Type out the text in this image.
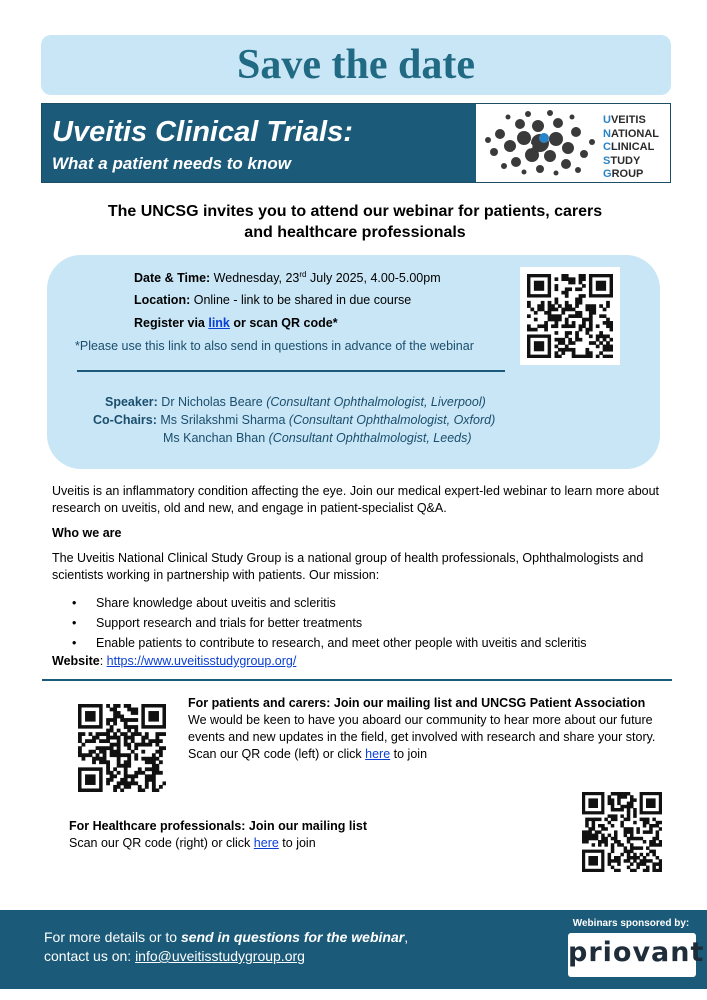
Save the date
Uveitis Clinical Trials:
What a patient needs to know
UVEITIS
NATIONAL
CLINICAL
STUDY
GROUP
The UNCSG invites you to attend our webinar for patients, carers
and healthcare professionals
Date & Time: Wednesday, 23rd July 2025, 4.00-5.00pm
Location: Online - link to be shared in due course
Register via link or scan QR code*
*Please use this link to also send in questions in advance of the webinar
Speaker: Dr Nicholas Beare (Consultant Ophthalmologist, Liverpool)
Co-Chairs: Ms Srilakshmi Sharma (Consultant Ophthalmologist, Oxford)
Ms Kanchan Bhan (Consultant Ophthalmologist, Leeds)
Uveitis is an inflammatory condition affecting the eye. Join our medical expert-led webinar to learn more about research on uveitis, old and new, and engage in patient-specialist Q&A.
Who we are
The Uveitis National Clinical Study Group is a national group of health professionals, Ophthalmologists and scientists working in partnership with patients. Our mission:
• Share knowledge about uveitis and scleritis
• Support research and trials for better treatments
• Enable patients to contribute to research, and meet other people with uveitis and scleritis
Website: https://www.uveitisstudygroup.org/
For patients and carers: Join our mailing list and UNCSG Patient Association
We would be keen to have you aboard our community to hear more about our future events and new updates in the field, get involved with research and share your story.
Scan our QR code (left) or click here to join
For Healthcare professionals: Join our mailing list
Scan our QR code (right) or click here to join
For more details or to send in questions for the webinar,
contact us on: info@uveitisstudygroup.org
Webinars sponsored by:
priovant
